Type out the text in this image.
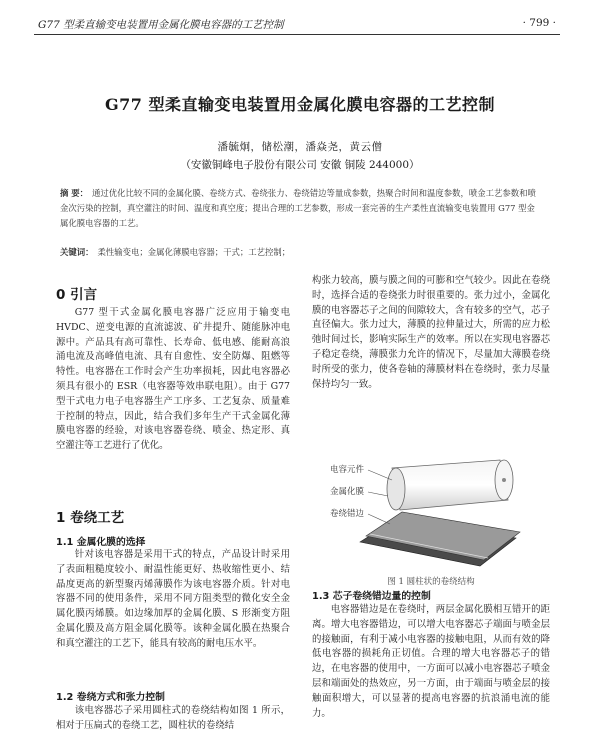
G77 型柔直输变电装置用金属化膜电容器的工艺控制	· 799 ·
G77 型柔直输变电装置用金属化膜电容器的工艺控制
潘毓炯，储松潮，潘焱尧，黄云僧
（安徽铜峰电子股份有限公司 安徽 铜陵 244000）
摘 要： 通过优化比较不同的金属化膜、卷绕方式、卷绕张力、卷绕错边等量成参数，热聚合时间和温度参数，喷金工艺参数和喷金次污染的控制，真空灌注的时间、温度和真空度；提出合理的工艺参数，形成一套完善的生产柔性直流输变电装置用 G77 型金属化膜电容器的工艺。
关键词： 柔性输变电；金属化薄膜电容器；干式；工艺控制；
0 引言

G77 型干式金属化膜电容器广泛应用于输变电 HVDC、逆变电源的直流滤波、矿井提升、随能脉冲电源中。产品具有高可靠性、长寿命、低电感、能耐高浪涌电流及高峰值电流、具有自愈性、安全防爆、阻燃等特性。电容器在工作时会产生功率损耗，因此电容器必须具有很小的 ESR（电容器等效串联电阻）。由于 G77 型干式电力电子电容器生产工序多、工艺复杂、质量难于控制的特点，因此，结合我们多年生产干式金属化薄膜电容器的经验，对该电容器卷绕、喷金、热定形、真空灌注等工艺进行了优化。

1 卷绕工艺
1.1 金属化膜的选择

针对该电容器是采用干式的特点，产品设计时采用了表面粗糙度较小、耐温性能更好、热收缩性更小、结晶度更高的新型聚丙烯薄膜作为该电容器介质。针对电容器不同的使用条件，采用不同方阻类型的微化安全金属化膜丙烯膜。如边缘加厚的金属化膜、S 形渐变方阻金属化膜及高方阻金属化膜等。该种金属化膜在热聚合和真空灌注的工艺下，能具有较高的耐电压水平。

1.2 卷绕方式和张力控制

该电容器芯子采用圆柱式的卷绕结构如图 1 所示，相对于压扁式的卷绕工艺，圆柱状的卷绕结

构张力较高，膜与膜之间的可膨和空气较少。因此在卷绕时，选择合适的卷绕张力时很重要的。张力过小，金属化膜的电容器芯子之间的间隙较大，含有较多的空气，芯子直径偏大。张力过大，薄膜的拉伸量过大，所需的应力松弛时间过长，影响实际生产的效率。所以在实现电容器芯子稳定卷绕，薄膜张力允许的情况下，尽量加大薄膜卷绕时所受的张力，使各卷轴的薄膜材料在卷绕时，张力尽量保持均匀一致。

电容元件
金属化膜
卷绕错边
图 1 圆柱状的卷绕结构
1.3 芯子卷绕错边量的控制

电容器错边是在卷绕时，两层金属化膜相互错开的距离。增大电容器错边，可以增大电容器芯子端面与喷金层的接触面，有利于减小电容器的接触电阻，从而有效的降低电容器的损耗角正切值。合理的增大电容器芯子的错边，在电容器的使用中，一方面可以减小电容器芯子喷金层和端面处的热效应，另一方面，由于端面与喷金层的接触面积增大，可以显著的提高电容器的抗浪涌电流的能力。
